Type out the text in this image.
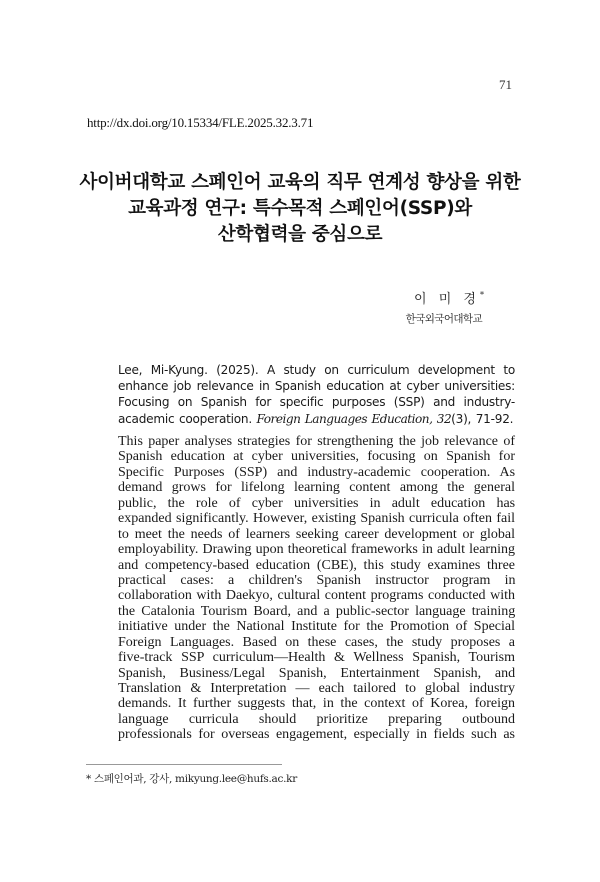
71
http://dx.doi.org/10.15334/FLE.2025.32.3.71
사이버대학교 스페인어 교육의 직무 연계성 향상을 위한
교육과정 연구: 특수목적 스페인어(SSP)와
산학협력을 중심으로
이 미 경*
한국외국어대학교
Lee, Mi-Kyung. (2025). A study on curriculum development to enhance job relevance in Spanish education at cyber universities: Focusing on Spanish for specific purposes (SSP) and industry-academic cooperation. Foreign Languages Education, 32(3), 71-92.
This paper analyses strategies for strengthening the job relevance of
Spanish education at cyber universities, focusing on Spanish for
Specific Purposes (SSP) and industry-academic cooperation. As
demand grows for lifelong learning content among the general
public, the role of cyber universities in adult education has
expanded significantly. However, existing Spanish curricula often fail
to meet the needs of learners seeking career development or global
employability. Drawing upon theoretical frameworks in adult learning
and competency-based education (CBE), this study examines three
practical cases: a children's Spanish instructor program in
collaboration with Daekyo, cultural content programs conducted with
the Catalonia Tourism Board, and a public-sector language training
initiative under the National Institute for the Promotion of Special
Foreign Languages. Based on these cases, the study proposes a
five-track SSP curriculum—Health & Wellness Spanish, Tourism
Spanish, Business/Legal Spanish, Entertainment Spanish, and
Translation & Interpretation — each tailored to global industry
demands. It further suggests that, in the context of Korea, foreign
language curricula should prioritize preparing outbound
professionals for overseas engagement, especially in fields such as
* 스페인어과, 강사, mikyung.lee@hufs.ac.kr
